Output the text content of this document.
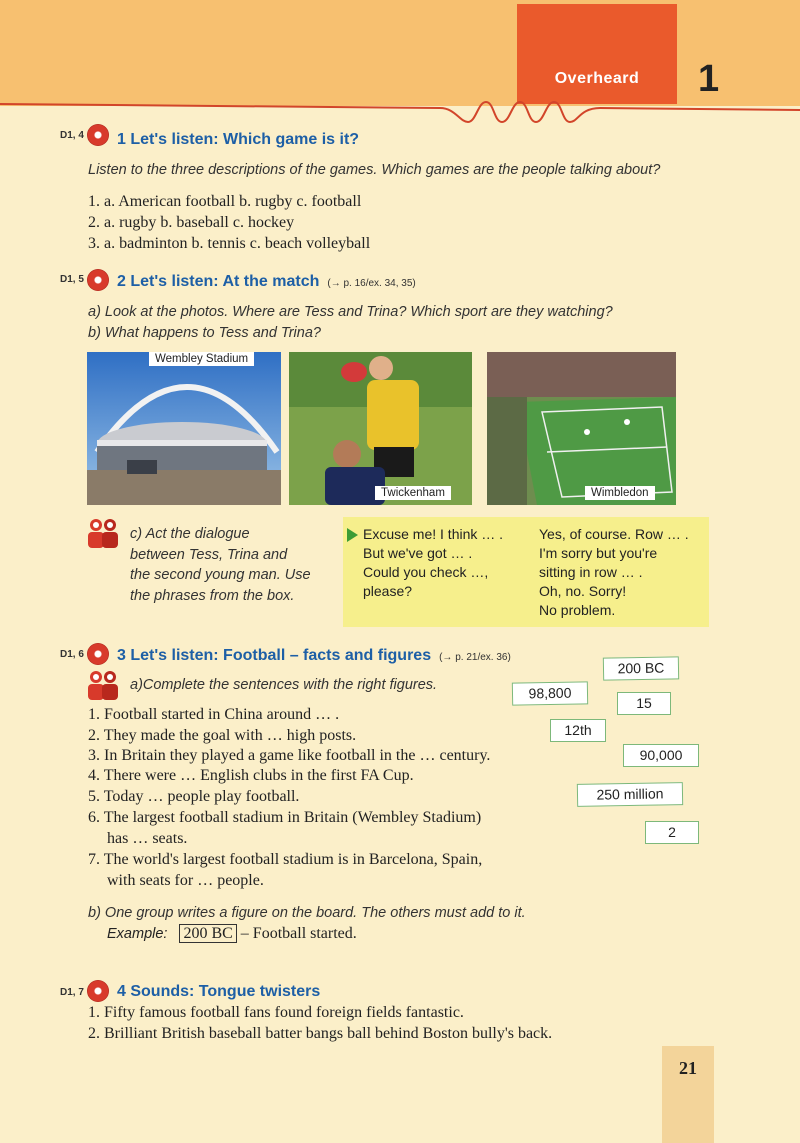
Overheard	1
D1, 4 1 Let's listen: Which game is it?
Listen to the three descriptions of the games. Which games are the people talking about?
1. a. American football b. rugby c. football
2. a. rugby b. baseball c. hockey
3. a. badminton b. tennis c. beach volleyball
D1, 5 2 Let's listen: At the match (→ p. 16/ex. 34, 35)
a) Look at the photos. Where are Tess and Trina? Which sport are they watching?
b) What happens to Tess and Trina?
Wembley Stadium
Twickenham	Wimbledon
c) Act the dialogue
between Tess, Trina and
the second young man. Use
the phrases from the box.
Excuse me! I think … .
But we've got … .
Could you check …,
please?
Yes, of course. Row … .
I'm sorry but you're
sitting in row … .
Oh, no. Sorry!
No problem.
D1, 6 3 Let's listen: Football – facts and figures (→ p. 21/ex. 36)
a)Complete the sentences with the right figures.
1. Football started in China around … .
2. They made the goal with … high posts.
3. In Britain they played a game like football in the … century.
4. There were … English clubs in the first FA Cup.
5. Today … people play football.
6. The largest football stadium in Britain (Wembley Stadium)
has … seats.
7. The world's largest football stadium is in Barcelona, Spain,
with seats for … people.
200 BC
98,800
15
12th
90,000
250 million
2
b) One group writes a figure on the board. The others must add to it.
Example: 200 BC – Football started.
D1, 7 4 Sounds: Tongue twisters
1. Fifty famous football fans found foreign fields fantastic.
2. Brilliant British baseball batter bangs ball behind Boston bully's back.
21
